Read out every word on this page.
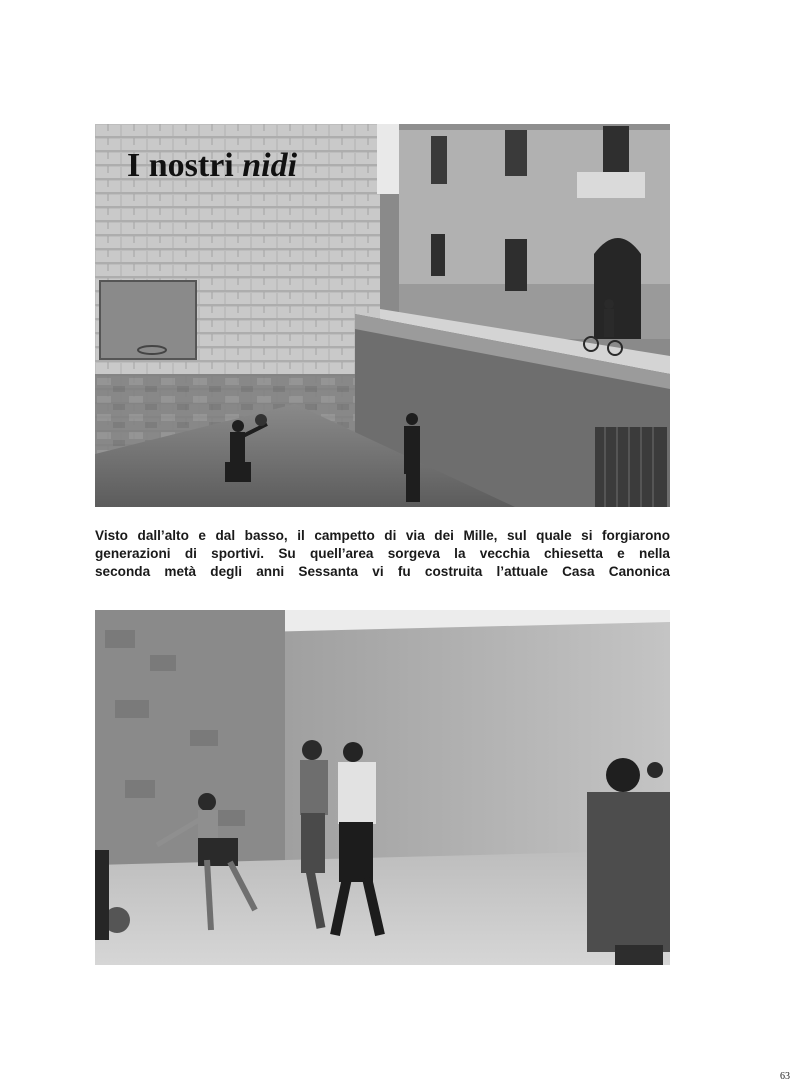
I nostri nidi
Visto dall’alto e dal basso, il campetto di via dei Mille, sul quale si forgiarono
generazioni di sportivi. Su quell’area sorgeva la vecchia chiesetta e nella
seconda metà degli anni Sessanta vi fu costruita l’attuale Casa Canonica
63
